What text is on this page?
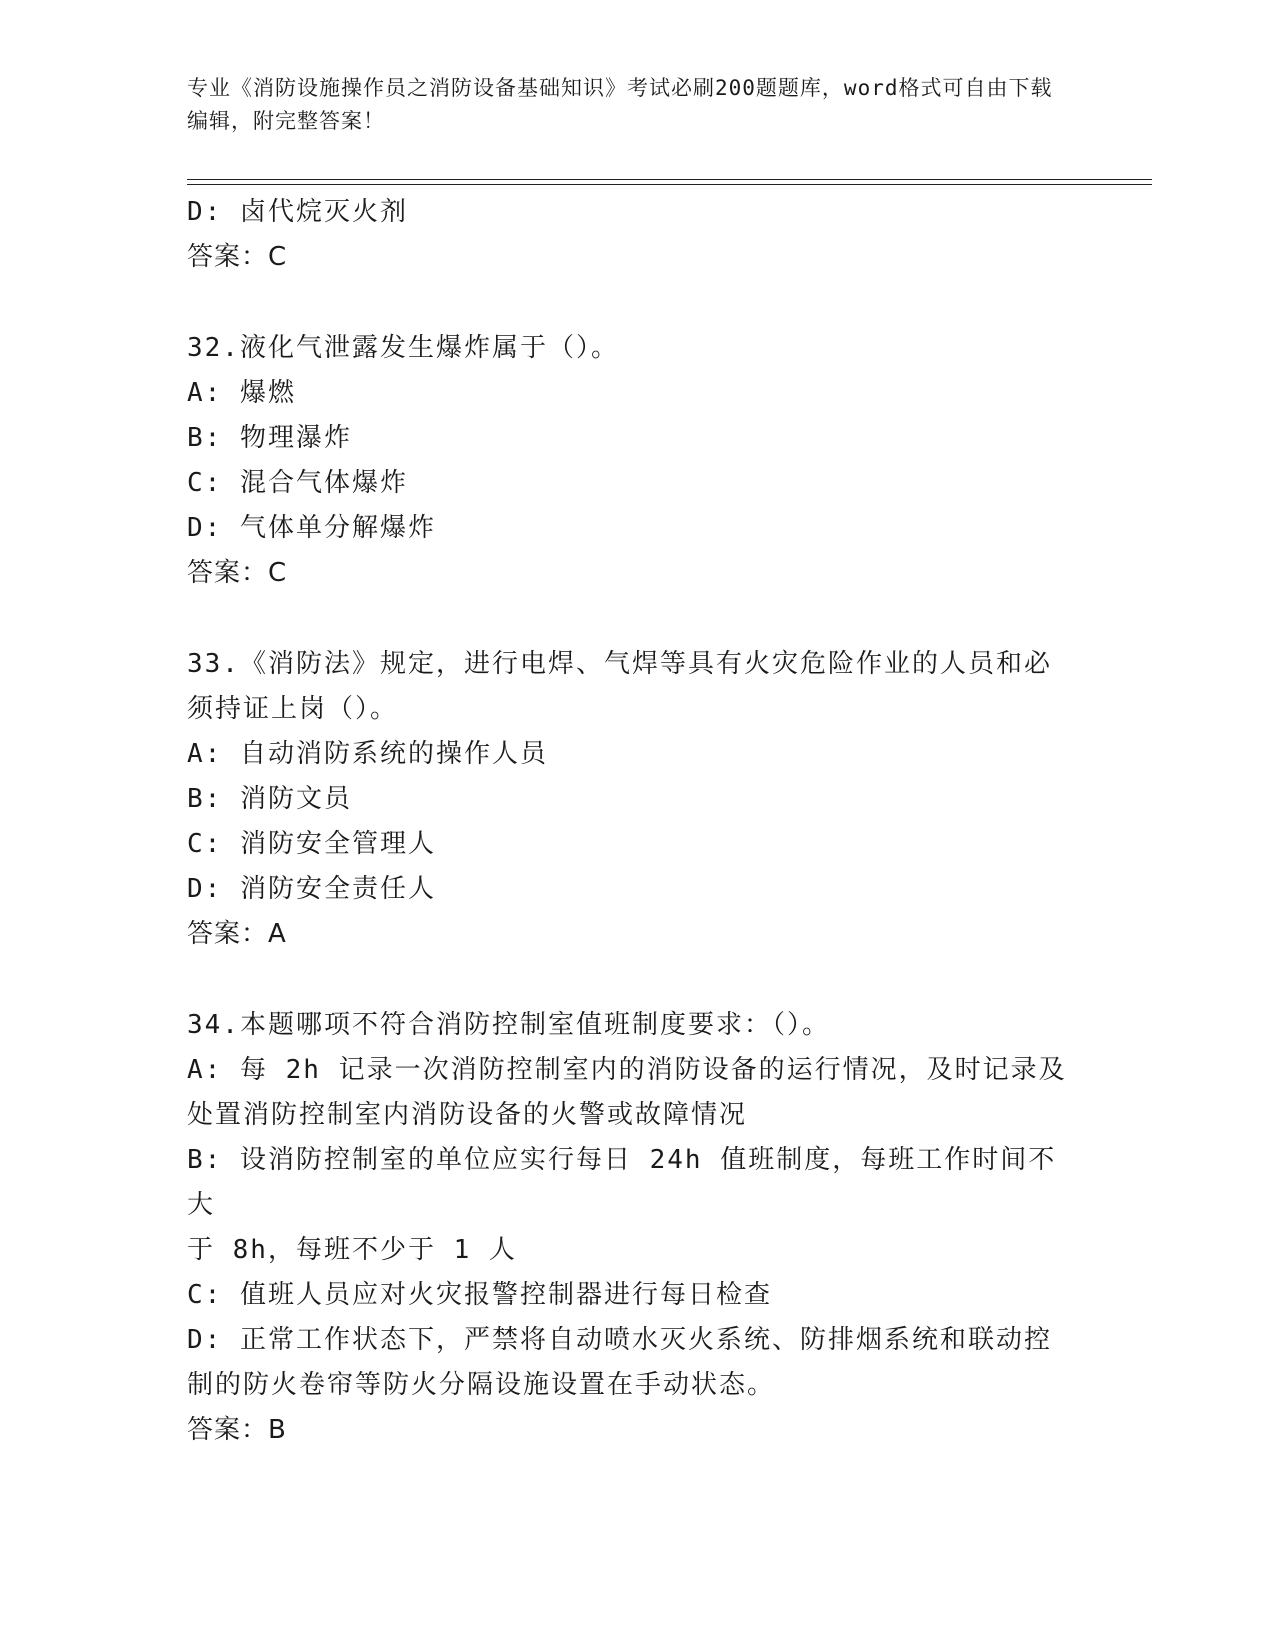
专业《消防设施操作员之消防设备基础知识》考试必刷200题题库，word格式可自由下载编辑，附完整答案！

D: 卤代烷灭火剂

答案：C

32.液化气泄露发生爆炸属于（）。

A: 爆燃

B: 物理瀑炸

C: 混合气体爆炸

D: 气体单分解爆炸

答案：C

33.《消防法》规定，进行电焊、气焊等具有火灾危险作业的人员和必

须持证上岗（）。

A: 自动消防系统的操作人员

B: 消防文员

C: 消防安全管理人

D: 消防安全责任人

答案：A

34.本题哪项不符合消防控制室值班制度要求：（）。

A: 每 2h 记录一次消防控制室内的消防设备的运行情况，及时记录及

处置消防控制室内消防设备的火警或故障情况

B: 设消防控制室的单位应实行每日 24h 值班制度，每班工作时间不大

于 8h，每班不少于 1 人

C: 值班人员应对火灾报警控制器进行每日检查

D: 正常工作状态下，严禁将自动喷水灭火系统、防排烟系统和联动控

制的防火卷帘等防火分隔设施设置在手动状态。

答案：B
